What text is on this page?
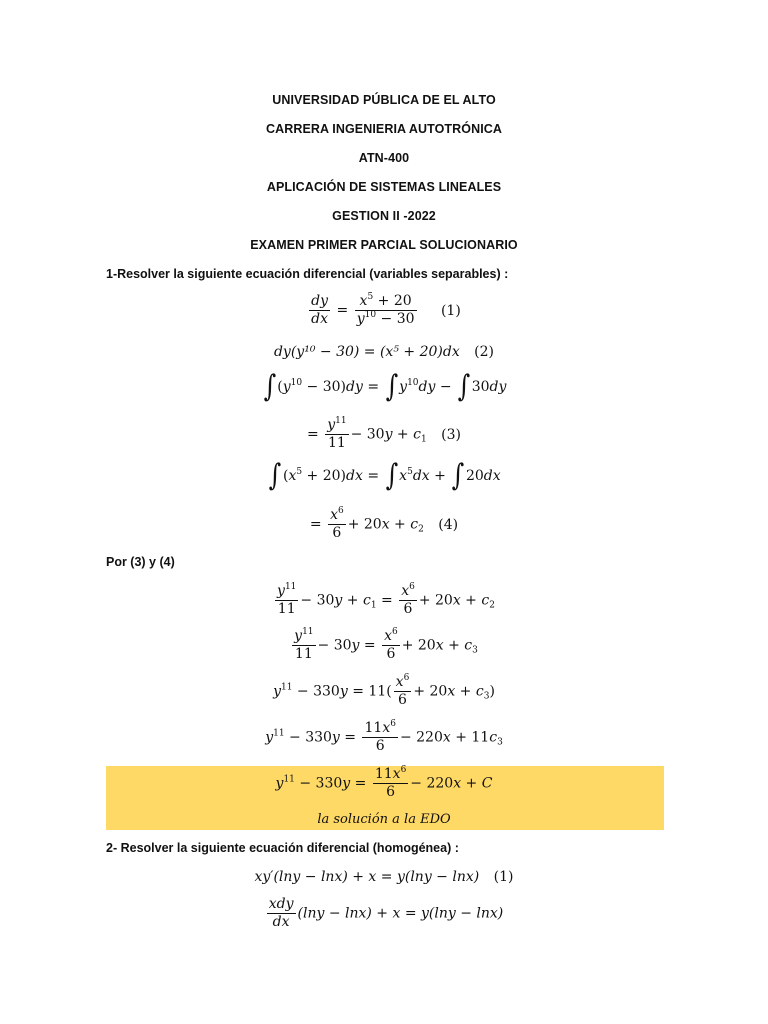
UNIVERSIDAD PÚBLICA DE EL ALTO
CARRERA INGENIERIA AUTOTRÓNICA
ATN-400
APLICACIÓN DE SISTEMAS LINEALES
GESTION II -2022
EXAMEN PRIMER PARCIAL SOLUCIONARIO
1-Resolver la siguiente ecuación diferencial (variables separables) :
$\frac{dy}{dx} = \frac{x^5 + 20}{y^{10} - 30} (1)$
dy(y¹⁰ − 30) = (x⁵ + 20)dx (2)
∫ $(y^{10} - 30)dy$ = ∫ $y^{10}dy$ − ∫ 30dy
= $\frac{y^{11}}{11} - 30y + c_1$ (3)
∫ $(x^5 + 20)dx$ = ∫ $x^5dx$ + ∫ 20dx
= $\frac{x^6}{6} + 20x + c_2$ (4)
Por (3) y (4)
$\frac{y^{11}}{11} - 30y + c_1 = \frac{x^6}{6} + 20x + c_2$
$\frac{y^{11}}{11} - 30y = \frac{x^6}{6} + 20x + c_3$
$y^{11} - 330y = 11( \frac{x^6}{6} + 20x + c_3)$
$y^{11} - 330y = \frac{11x^6}{6} - 220x + 11c_3$
$y^{11} - 330y = \frac{11x^6}{6} - 220x + C$
la solución a la EDO
2- Resolver la siguiente ecuación diferencial (homogénea) :
xy′(lny − lnx) + x = y(lny − lnx) (1)
$\frac{\text{xdy}}{dx} (\ln y - \ln x) + x = y(\ln y - \ln x)$
